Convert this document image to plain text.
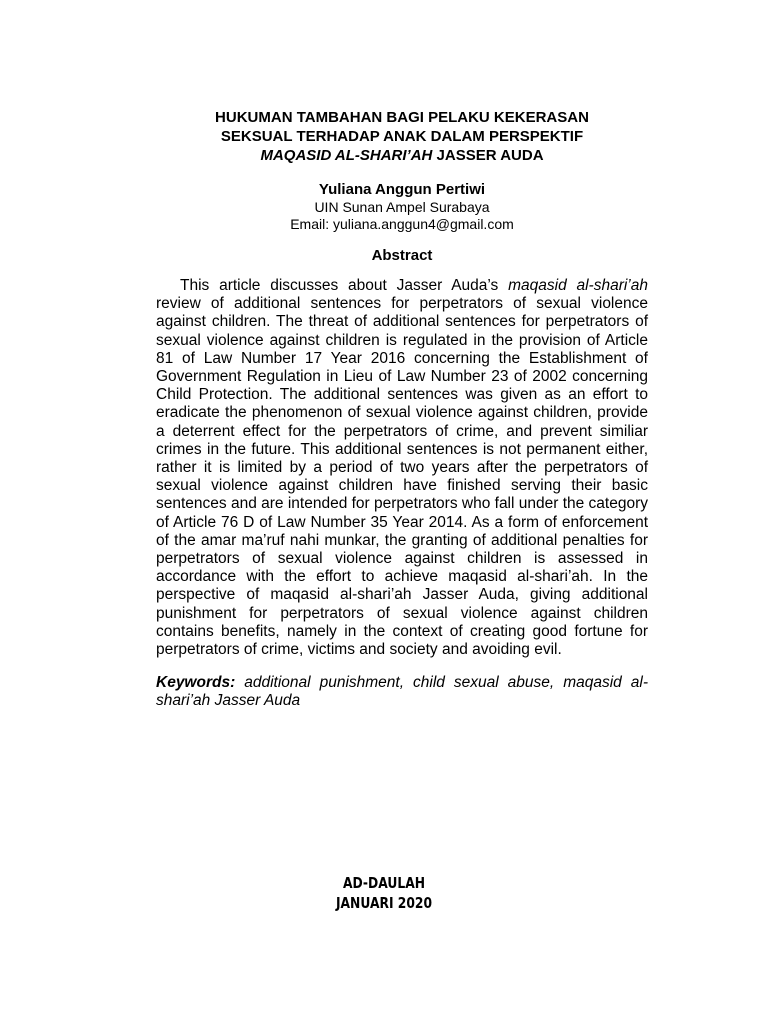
HUKUMAN TAMBAHAN BAGI PELAKU KEKERASAN
SEKSUAL TERHADAP ANAK DALAM PERSPEKTIF
MAQASID AL-SHARI’AH JASSER AUDA
Yuliana Anggun Pertiwi
UIN Sunan Ampel Surabaya
Email: yuliana.anggun4@gmail.com
Abstract

This article discusses about Jasser Auda’s maqasid al-shari’ah review of additional sentences for perpetrators of sexual violence against children. The threat of additional sentences for perpetrators of sexual violence against children is regulated in the provision of Article 81 of Law Number 17 Year 2016 concerning the Establishment of Government Regulation in Lieu of Law Number 23 of 2002 concerning Child Protection. The additional sentences was given as an effort to eradicate the phenomenon of sexual violence against children, provide a deterrent effect for the perpetrators of crime, and prevent similiar crimes in the future. This additional sentences is not permanent either, rather it is limited by a period of two years after the perpetrators of sexual violence against children have finished serving their basic sentences and are intended for perpetrators who fall under the category of Article 76 D of Law Number 35 Year 2014. As a form of enforcement of the amar ma’ruf nahi munkar, the granting of additional penalties for perpetrators of sexual violence against children is assessed in accordance with the effort to achieve maqasid al-shari’ah. In the perspective of maqasid al-shari’ah Jasser Auda, giving additional punishment for perpetrators of sexual violence against children contains benefits, namely in the context of creating good fortune for perpetrators of crime, victims and society and avoiding evil.

Keywords: additional punishment, child sexual abuse, maqasid al-shari’ah Jasser Auda

AD-DAULAH
JANUARI 2020
